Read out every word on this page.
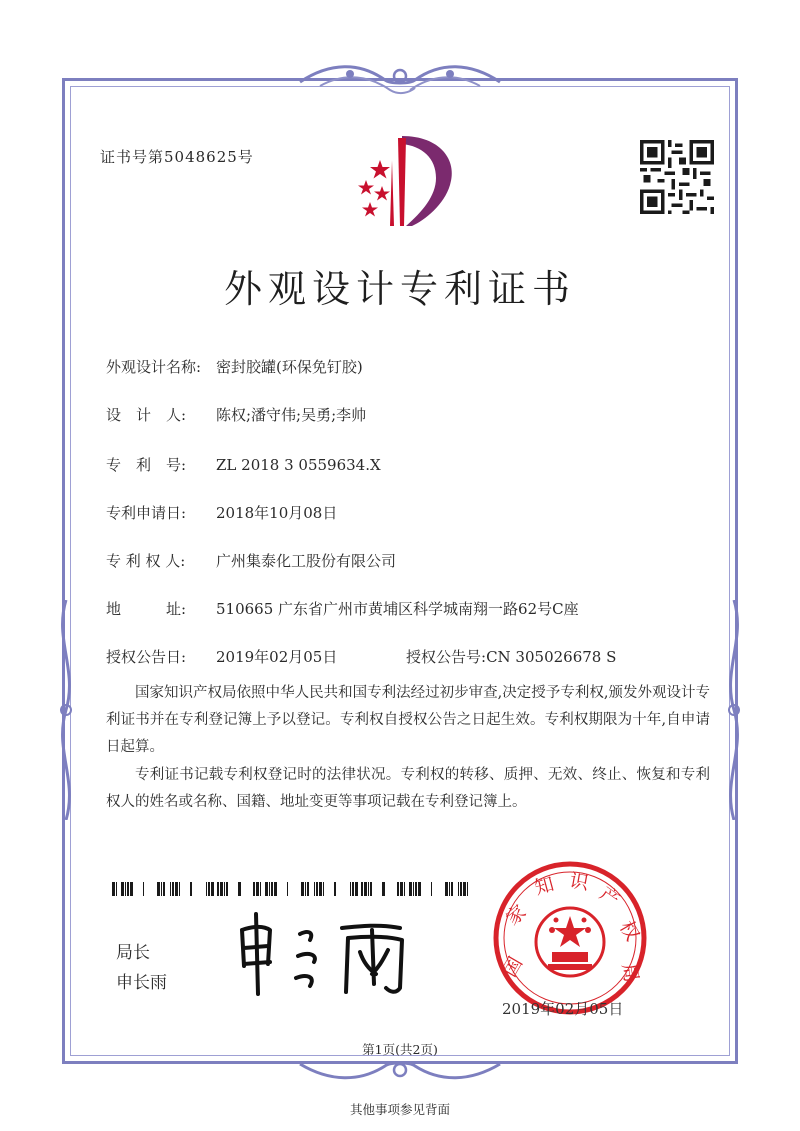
证书号第5048625号
外观设计专利证书
外观设计名称: 密封胶罐(环保免钉胶)
设　计　人: 陈权;潘守伟;吴勇;李帅
专　利　号: ZL 2018 3 0559634.X
专利申请日: 2018年10月08日
专 利 权 人: 广州集泰化工股份有限公司
地　　　址: 510665 广东省广州市黄埔区科学城南翔一路62号C座
授权公告日: 2019年02月05日	授权公告号:CN 305026678 S
国家知识产权局依照中华人民共和国专利法经过初步审查,决定授予专利权,颁发外观设计专利证书并在专利登记簿上予以登记。专利权自授权公告之日起生效。专利权期限为十年,自申请日起算。
专利证书记载专利权登记时的法律状况。专利权的转移、质押、无效、终止、恢复和专利权人的姓名或名称、国籍、地址变更等事项记载在专利登记簿上。
局长
申长雨
国
家
知 识
产
权
局
2019年02月05日
第1页(共2页)
其他事项参见背面
